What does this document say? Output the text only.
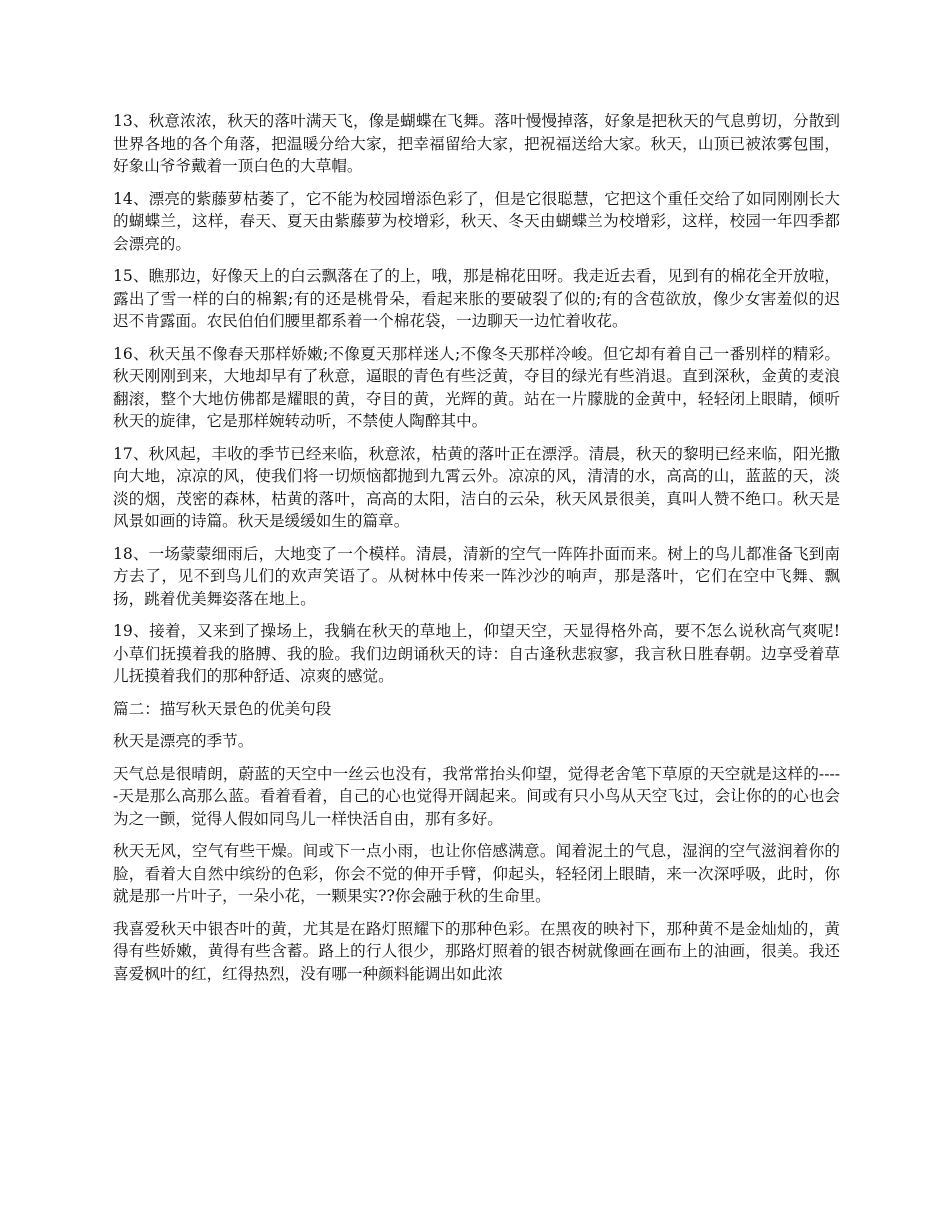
13、秋意浓浓，秋天的落叶满天飞，像是蝴蝶在飞舞。落叶慢慢掉落，好象是把秋天的气息剪切，分散到世界各地的各个角落，把温暖分给大家，把幸福留给大家，把祝福送给大家。秋天，山顶已被浓雾包围，好象山爷爷戴着一顶白色的大草帽。

14、漂亮的紫藤萝枯萎了，它不能为校园增添色彩了，但是它很聪慧，它把这个重任交给了如同刚刚长大的蝴蝶兰，这样，春天、夏天由紫藤萝为校增彩，秋天、冬天由蝴蝶兰为校增彩，这样，校园一年四季都会漂亮的。

15、瞧那边，好像天上的白云飘落在了的上，哦，那是棉花田呀。我走近去看，见到有的棉花全开放啦，露出了雪一样的白的棉絮;有的还是桃骨朵，看起来胀的要破裂了似的;有的含苞欲放，像少女害羞似的迟迟不肯露面。农民伯伯们腰里都系着一个棉花袋，一边聊天一边忙着收花。

16、秋天虽不像春天那样娇嫩;不像夏天那样迷人;不像冬天那样冷峻。但它却有着自己一番别样的精彩。秋天刚刚到来，大地却早有了秋意，逼眼的青色有些泛黄，夺目的绿光有些消退。直到深秋，金黄的麦浪翻滚，整个大地仿佛都是耀眼的黄，夺目的黄，光辉的黄。站在一片朦胧的金黄中，轻轻闭上眼睛，倾听秋天的旋律，它是那样婉转动听，不禁使人陶醉其中。

17、秋风起，丰收的季节已经来临，秋意浓，枯黄的落叶正在漂浮。清晨，秋天的黎明已经来临，阳光撒向大地，凉凉的风，使我们将一切烦恼都抛到九霄云外。凉凉的风，清清的水，高高的山，蓝蓝的天，淡淡的烟，茂密的森林，枯黄的落叶，高高的太阳，洁白的云朵，秋天风景很美，真叫人赞不绝口。秋天是风景如画的诗篇。秋天是缓缓如生的篇章。

18、一场蒙蒙细雨后，大地变了一个模样。清晨，清新的空气一阵阵扑面而来。树上的鸟儿都准备飞到南方去了，见不到鸟儿们的欢声笑语了。从树林中传来一阵沙沙的响声，那是落叶，它们在空中飞舞、飘扬，跳着优美舞姿落在地上。

19、接着，又来到了操场上，我躺在秋天的草地上，仰望天空，天显得格外高，要不怎么说秋高气爽呢!小草们抚摸着我的胳膊、我的脸。我们边朗诵秋天的诗：自古逢秋悲寂寥，我言秋日胜春朝。边享受着草儿抚摸着我们的那种舒适、凉爽的感觉。

篇二：描写秋天景色的优美句段

秋天是漂亮的季节。

天气总是很晴朗，蔚蓝的天空中一丝云也没有，我常常抬头仰望，觉得老舍笔下草原的天空就是这样的-----天是那么高那么蓝。看着看着，自己的心也觉得开阔起来。间或有只小鸟从天空飞过，会让你的的心也会为之一颤，觉得人假如同鸟儿一样快活自由，那有多好。

秋天无风，空气有些干燥。间或下一点小雨，也让你倍感满意。闻着泥土的气息，湿润的空气滋润着你的脸，看着大自然中缤纷的色彩，你会不觉的伸开手臂，仰起头，轻轻闭上眼睛，来一次深呼吸，此时，你就是那一片叶子，一朵小花，一颗果实??你会融于秋的生命里。

我喜爱秋天中银杏叶的黄，尤其是在路灯照耀下的那种色彩。在黑夜的映衬下，那种黄不是金灿灿的，黄得有些娇嫩，黄得有些含蓄。路上的行人很少，那路灯照着的银杏树就像画在画布上的油画，很美。我还喜爱枫叶的红，红得热烈，没有哪一种颜料能调出如此浓
